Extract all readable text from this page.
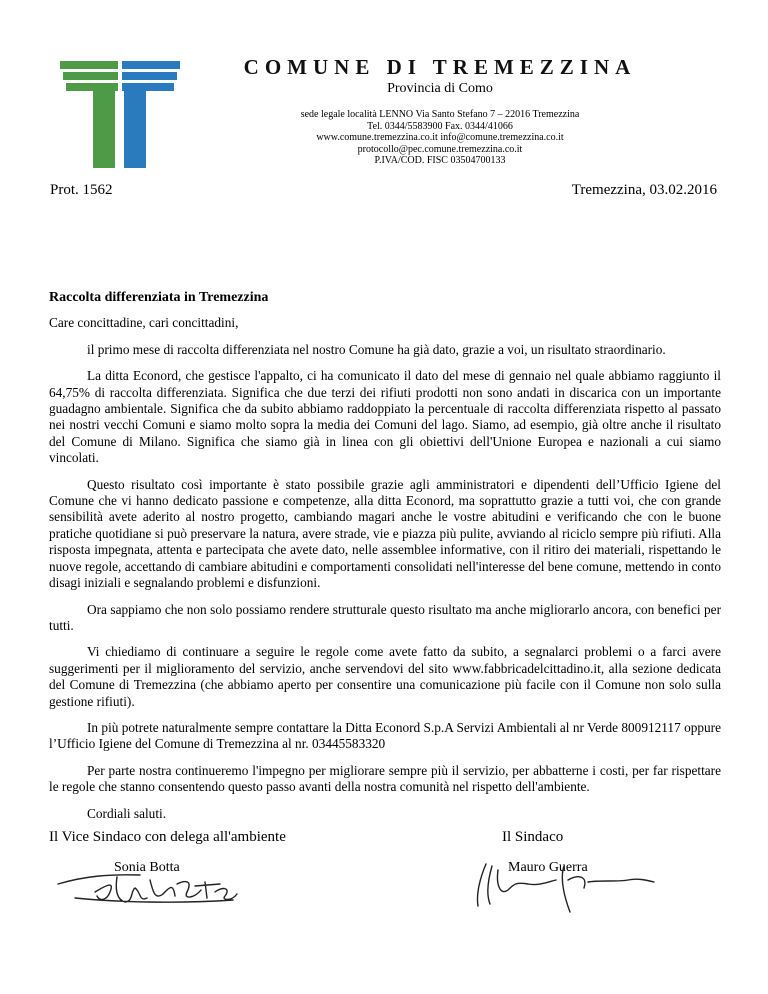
COMUNE DI TREMEZZINA
Provincia di Como
sede legale località LENNO Via Santo Stefano 7 – 22016 Tremezzina
Tel. 0344/5583900 Fax. 0344/41066
www.comune.tremezzina.co.it info@comune.tremezzina.co.it
protocollo@pec.comune.tremezzina.co.it
P.IVA/COD. FISC 03504700133
Prot. 1562	Tremezzina, 03.02.2016

Raccolta differenziata in Tremezzina

Care concittadine, cari concittadini,

il primo mese di raccolta differenziata nel nostro Comune ha già dato, grazie a voi, un risultato straordinario.

La ditta Econord, che gestisce l'appalto, ci ha comunicato il dato del mese di gennaio nel quale abbiamo raggiunto il 64,75% di raccolta differenziata. Significa che due terzi dei rifiuti prodotti non sono andati in discarica con un importante guadagno ambientale. Significa che da subito abbiamo raddoppiato la percentuale di raccolta differenziata rispetto al passato nei nostri vecchi Comuni e siamo molto sopra la media dei Comuni del lago. Siamo, ad esempio, già oltre anche il risultato del Comune di Milano. Significa che siamo già in linea con gli obiettivi dell'Unione Europea e nazionali a cui siamo vincolati.

Questo risultato così importante è stato possibile grazie agli amministratori e dipendenti dell’Ufficio Igiene del Comune che vi hanno dedicato passione e competenze, alla ditta Econord, ma soprattutto grazie a tutti voi, che con grande sensibilità avete aderito al nostro progetto, cambiando magari anche le vostre abitudini e verificando che con le buone pratiche quotidiane si può preservare la natura, avere strade, vie e piazza più pulite, avviando al riciclo sempre più rifiuti. Alla risposta impegnata, attenta e partecipata che avete dato, nelle assemblee informative, con il ritiro dei materiali, rispettando le nuove regole, accettando di cambiare abitudini e comportamenti consolidati nell'interesse del bene comune, mettendo in conto disagi iniziali e segnalando problemi e disfunzioni.

Ora sappiamo che non solo possiamo rendere strutturale questo risultato ma anche migliorarlo ancora, con benefici per tutti.

Vi chiediamo di continuare a seguire le regole come avete fatto da subito, a segnalarci problemi o a farci avere suggerimenti per il miglioramento del servizio, anche servendovi del sito www.fabbricadelcittadino.it, alla sezione dedicata del Comune di Tremezzina (che abbiamo aperto per consentire una comunicazione più facile con il Comune non solo sulla gestione rifiuti).

In più potrete naturalmente sempre contattare la Ditta Econord S.p.A Servizi Ambientali al nr Verde 800912117 oppure l’Ufficio Igiene del Comune di Tremezzina al nr. 03445583320

Per parte nostra continueremo l'impegno per migliorare sempre più il servizio, per abbatterne i costi, per far rispettare le regole che stanno consentendo questo passo avanti della nostra comunità nel rispetto dell'ambiente.

Cordiali saluti.

Il Vice Sindaco con delega all'ambiente	Il Sindaco
Sonia Botta	Mauro Guerra
